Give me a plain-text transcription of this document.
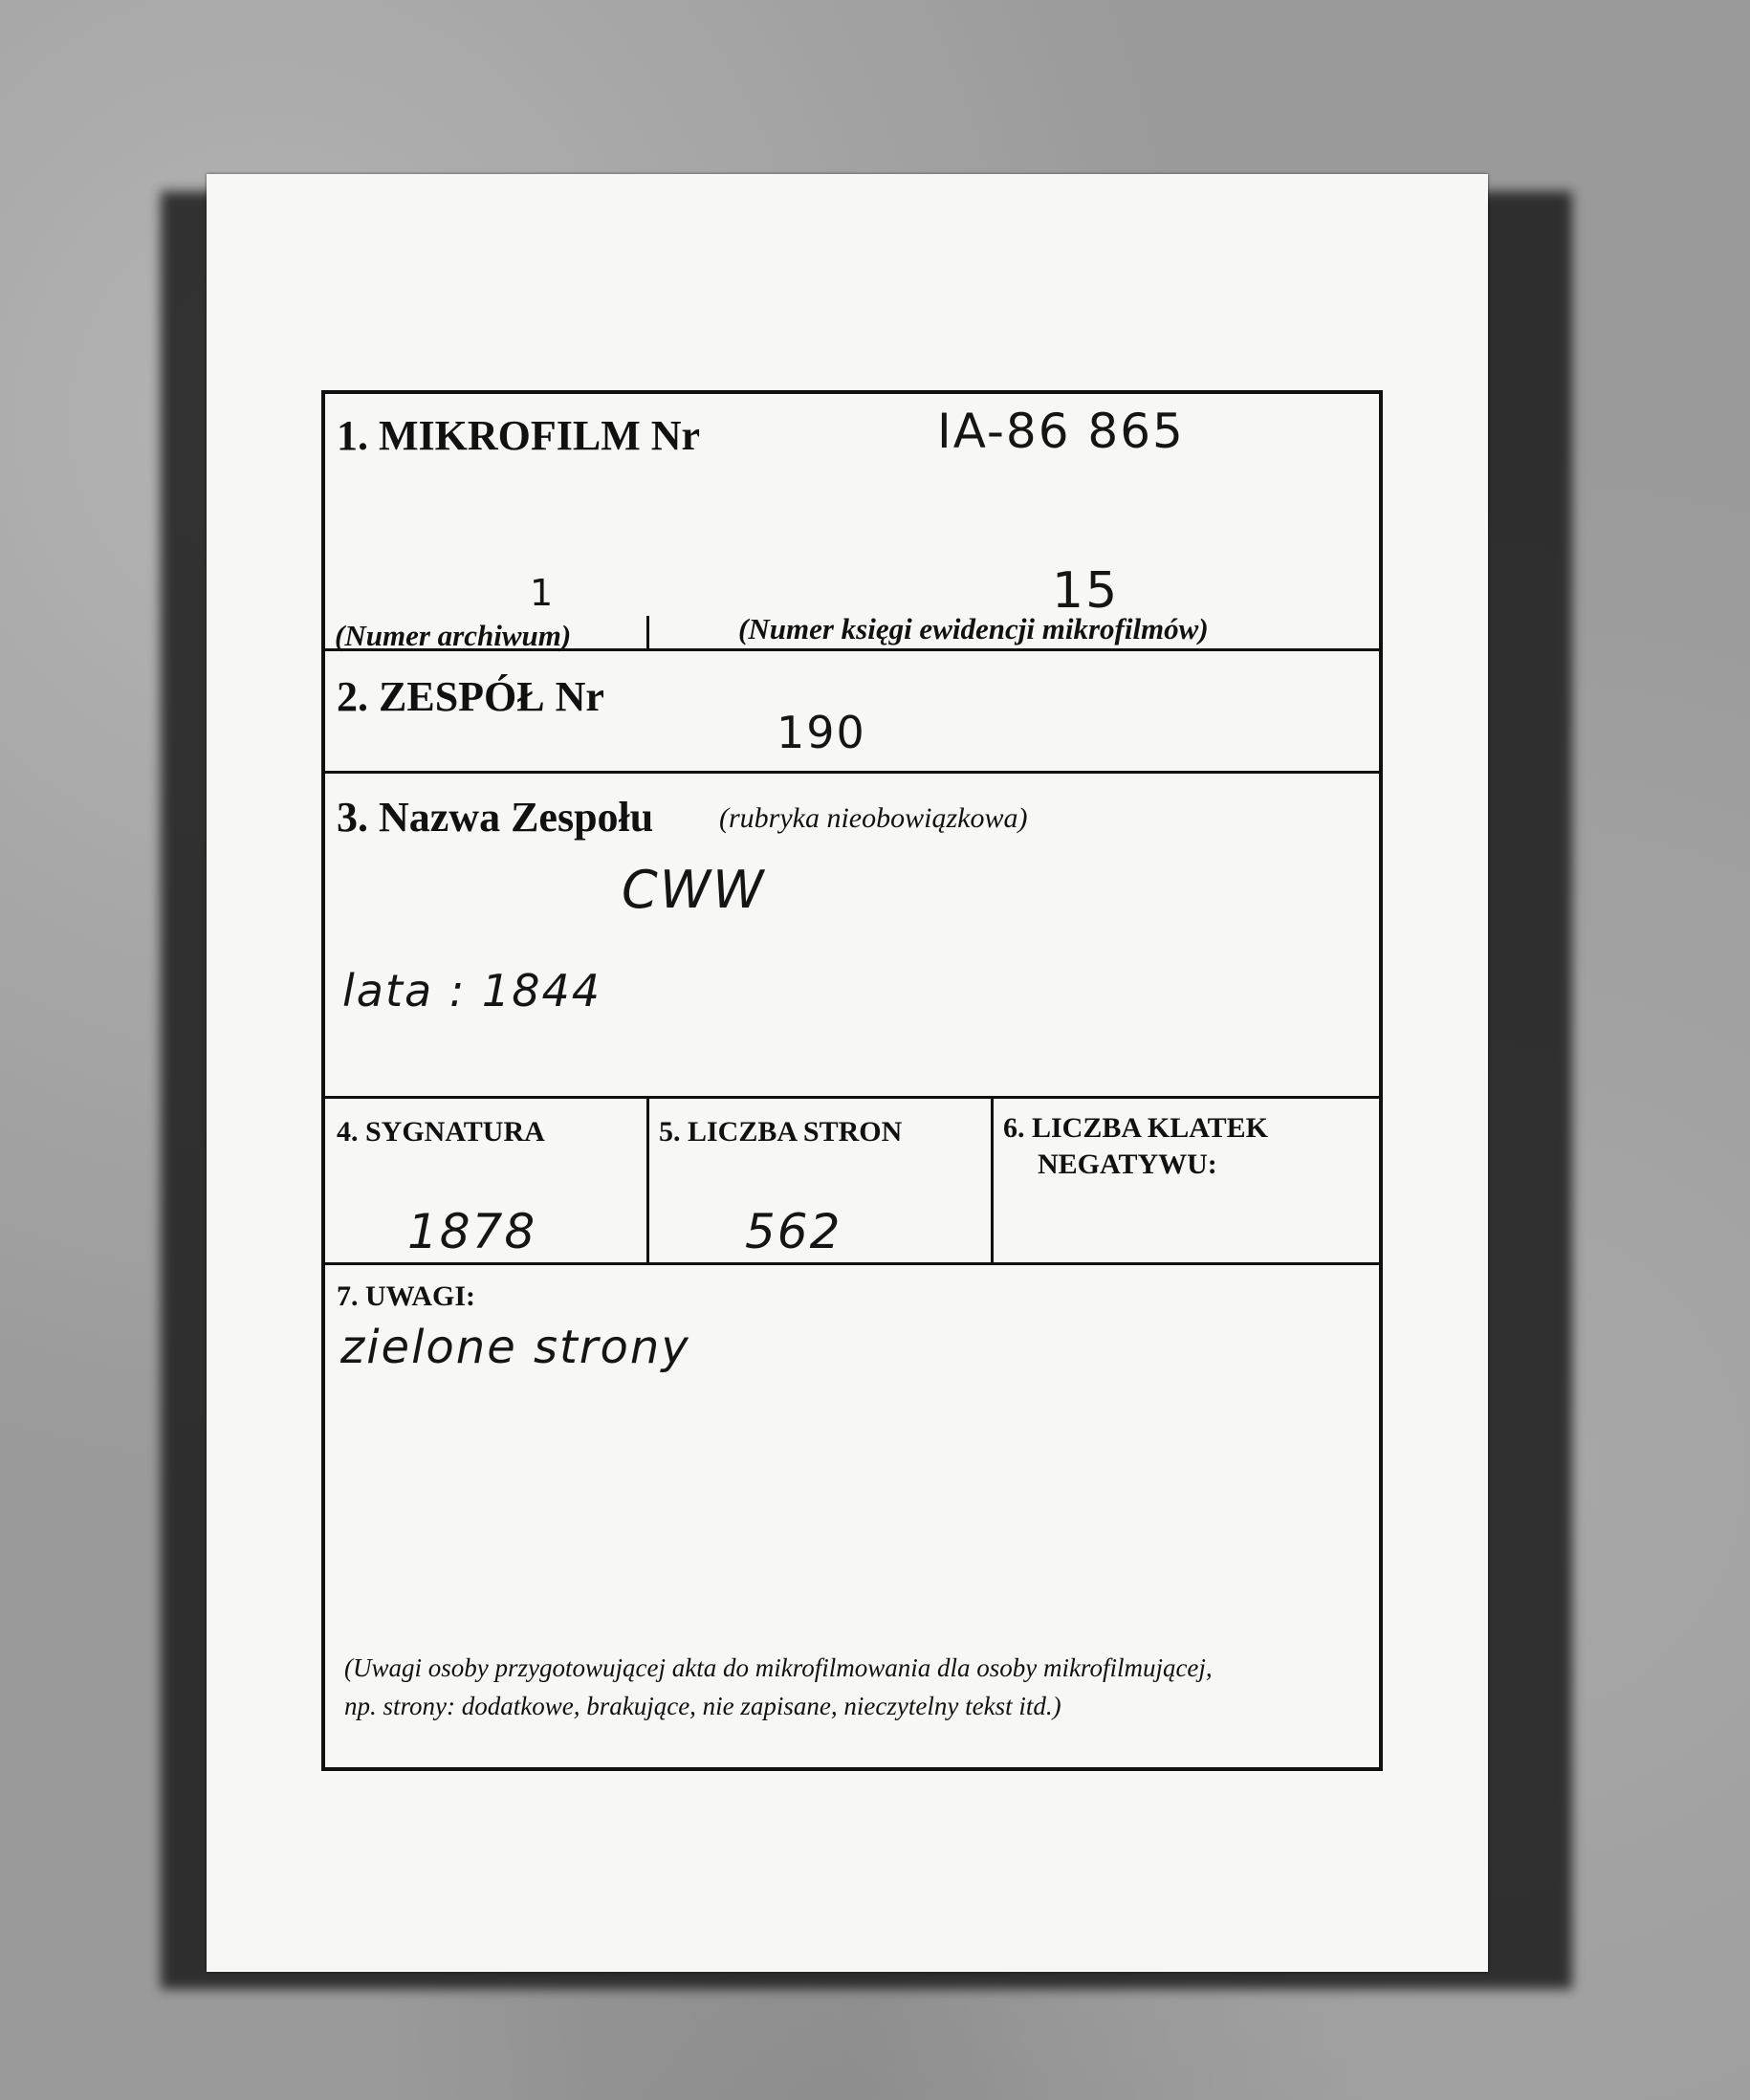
1. MIKROFILM Nr	IA-86 865
1
(Numer archiwum)
15
(Numer księgi ewidencji mikrofilmów)
2. ZESPÓŁ Nr
190
3. Nazwa Zespołu (rubryka nieobowiązkowa)
CWW
lata : 1844
4. SYGNATURA
1878
5. LICZBA STRON
562
6. LICZBA KLATEK
NEGATYWU:
7. UWAGI:
zielone strony
(Uwagi osoby przygotowującej akta do mikrofilmowania dla osoby mikrofilmującej,
np. strony: dodatkowe, brakujące, nie zapisane, nieczytelny tekst itd.)
